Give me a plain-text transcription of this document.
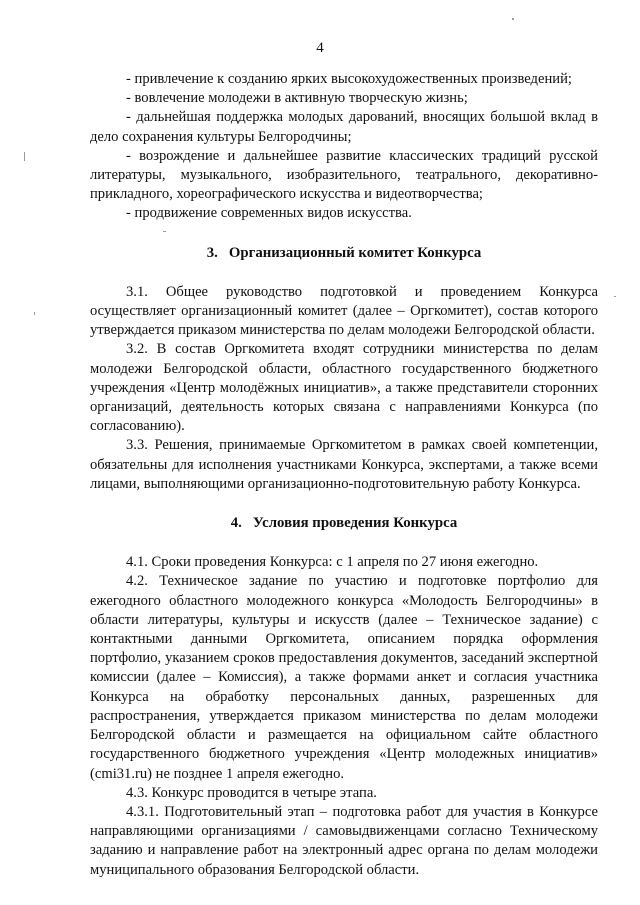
4

- привлечение к созданию ярких высокохудожественных произведений;

- вовлечение молодежи в активную творческую жизнь;

- дальнейшая поддержка молодых дарований, вносящих большой вклад в дело сохранения культуры Белгородчины;

- возрождение и дальнейшее развитие классических традиций русской литературы, музыкального, изобразительного, театрального, декоративно-прикладного, хореографического искусства и видеотворчества;

- продвижение современных видов искусства.

3.   Организационный комитет Конкурса

3.1. Общее руководство подготовкой и проведением Конкурса осуществляет организационный комитет (далее – Оргкомитет), состав которого утверждается приказом министерства по делам молодежи Белгородской области.

3.2. В состав Оргкомитета входят сотрудники министерства по делам молодежи Белгородской области, областного государственного бюджетного учреждения «Центр молодёжных инициатив», а также представители сторонних организаций, деятельность которых связана с направлениями Конкурса (по согласованию).

3.3. Решения, принимаемые Оргкомитетом в рамках своей компетенции, обязательны для исполнения участниками Конкурса, экспертами, а также всеми лицами, выполняющими организационно-подготовительную работу Конкурса.

4.   Условия проведения Конкурса

4.1. Сроки проведения Конкурса: с 1 апреля по 27 июня ежегодно.

4.2. Техническое задание по участию и подготовке портфолио для ежегодного областного молодежного конкурса «Молодость Белгородчины» в области литературы, культуры и искусств (далее – Техническое задание) с контактными данными Оргкомитета, описанием порядка оформления портфолио, указанием сроков предоставления документов, заседаний экспертной комиссии (далее – Комиссия), а также формами анкет и согласия участника Конкурса на обработку персональных данных, разрешенных для распространения, утверждается приказом министерства по делам молодежи Белгородской области и размещается на официальном сайте областного государственного бюджетного учреждения «Центр молодежных инициатив» (cmi31.ru) не позднее 1 апреля ежегодно.

4.3. Конкурс проводится в четыре этапа.

4.3.1. Подготовительный этап – подготовка работ для участия в Конкурсе направляющими организациями / самовыдвиженцами согласно Техническому заданию и направление работ на электронный адрес органа по делам молодежи муниципального образования Белгородской области.
